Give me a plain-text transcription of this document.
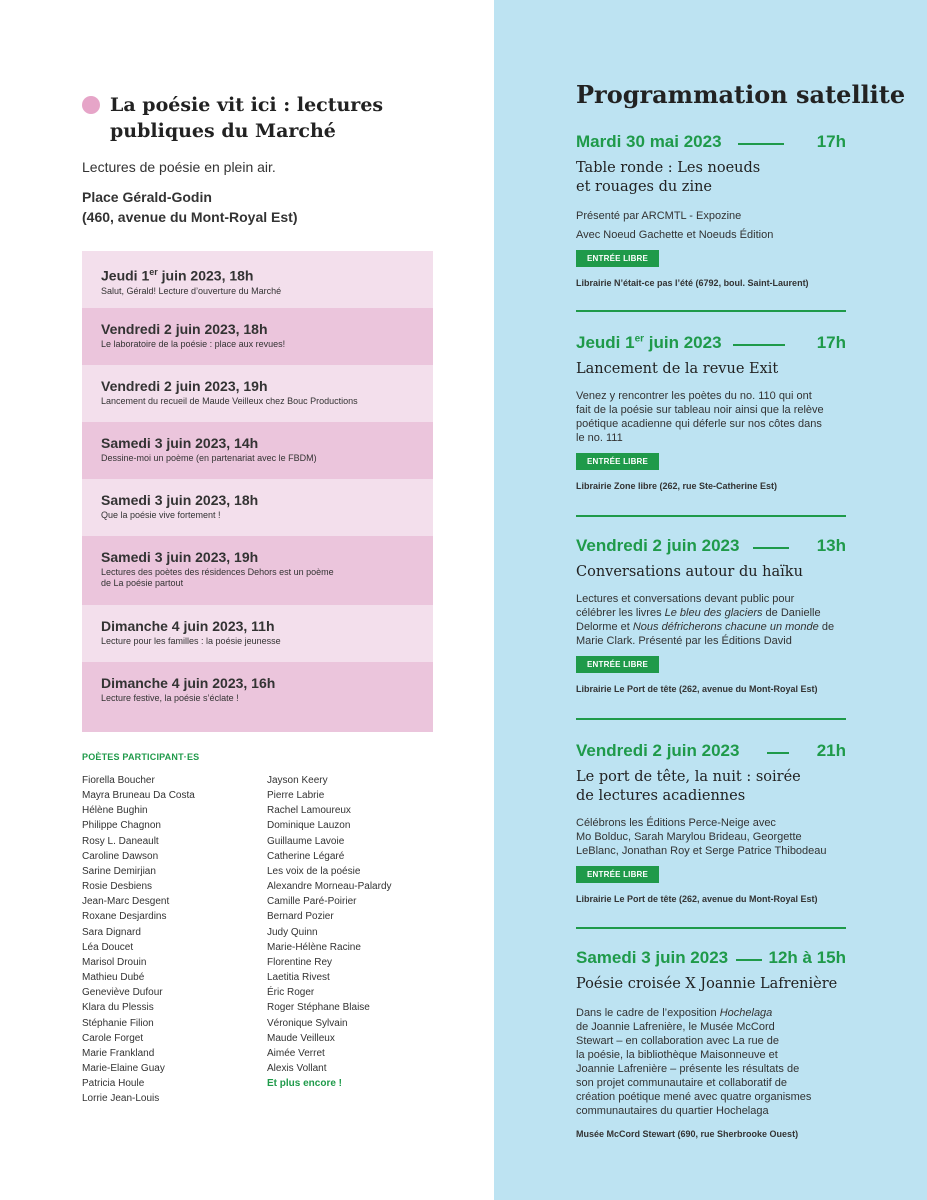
La poésie vit ici : lectures publiques du Marché

Lectures de poésie en plein air.

Place Gérald-Godin
(460, avenue du Mont-Royal Est)
Jeudi 1er juin 2023, 18h
Salut, Gérald! Lecture d’ouverture du Marché
Vendredi 2 juin 2023, 18h
Le laboratoire de la poésie : place aux revues!
Vendredi 2 juin 2023, 19h
Lancement du recueil de Maude Veilleux chez Bouc Productions
Samedi 3 juin 2023, 14h
Dessine-moi un poème (en partenariat avec le FBDM)
Samedi 3 juin 2023, 18h
Que la poésie vive fortement !
Samedi 3 juin 2023, 19h
Lectures des poètes des résidences Dehors est un poème
de La poésie partout
Dimanche 4 juin 2023, 11h
Lecture pour les familles : la poésie jeunesse
Dimanche 4 juin 2023, 16h
Lecture festive, la poésie s’éclate !
POÈTES PARTICIPANT·ES
Fiorella Boucher
Mayra Bruneau Da Costa
Hélène Bughin
Philippe Chagnon
Rosy L. Daneault
Caroline Dawson
Sarine Demirjian
Rosie Desbiens
Jean-Marc Desgent
Roxane Desjardins
Sara Dignard
Léa Doucet
Marisol Drouin
Mathieu Dubé
Geneviève Dufour
Klara du Plessis
Stéphanie Filion
Carole Forget
Marie Frankland
Marie-Elaine Guay
Patricia Houle
Lorrie Jean-Louis
Jayson Keery
Pierre Labrie
Rachel Lamoureux
Dominique Lauzon
Guillaume Lavoie
Catherine Légaré
Les voix de la poésie
Alexandre Morneau-Palardy
Camille Paré-Poirier
Bernard Pozier
Judy Quinn
Marie-Hélène Racine
Florentine Rey
Laetitia Rivest
Éric Roger
Roger Stéphane Blaise
Véronique Sylvain
Maude Veilleux
Aimée Verret
Alexis Vollant
Et plus encore !
Programmation satellite
Mardi 30 mai 2023	17h
Table ronde : Les noeuds
et rouages du zine
Présenté par ARCMTL - Expozine
Avec Noeud Gachette et Noeuds Édition
ENTRÉE LIBRE
Librairie N’était-ce pas l’été (6792, boul. Saint-Laurent)
Jeudi 1er juin 2023	17h
Lancement de la revue Exit
Venez y rencontrer les poètes du no. 110 qui ont
fait de la poésie sur tableau noir ainsi que la relève
poétique acadienne qui déferle sur nos côtes dans
le no. 111
ENTRÉE LIBRE
Librairie Zone libre (262, rue Ste-Catherine Est)
Vendredi 2 juin 2023	13h
Conversations autour du haïku
Lectures et conversations devant public pour
célébrer les livres Le bleu des glaciers de Danielle
Delorme et Nous défricherons chacune un monde de
Marie Clark. Présenté par les Éditions David
ENTRÉE LIBRE
Librairie Le Port de tête (262, avenue du Mont-Royal Est)
Vendredi 2 juin 2023	21h
Le port de tête, la nuit : soirée
de lectures acadiennes
Célébrons les Éditions Perce-Neige avec
Mo Bolduc, Sarah Marylou Brideau, Georgette
LeBlanc, Jonathan Roy et Serge Patrice Thibodeau
ENTRÉE LIBRE
Librairie Le Port de tête (262, avenue du Mont-Royal Est)
Samedi 3 juin 2023 12h à 15h
Poésie croisée X Joannie Lafrenière
Dans le cadre de l’exposition Hochelaga
de Joannie Lafrenière, le Musée McCord
Stewart – en collaboration avec La rue de
la poésie, la bibliothèque Maisonneuve et
Joannie Lafrenière – présente les résultats de
son projet communautaire et collaboratif de
création poétique mené avec quatre organismes
communautaires du quartier Hochelaga
Musée McCord Stewart (690, rue Sherbrooke Ouest)
